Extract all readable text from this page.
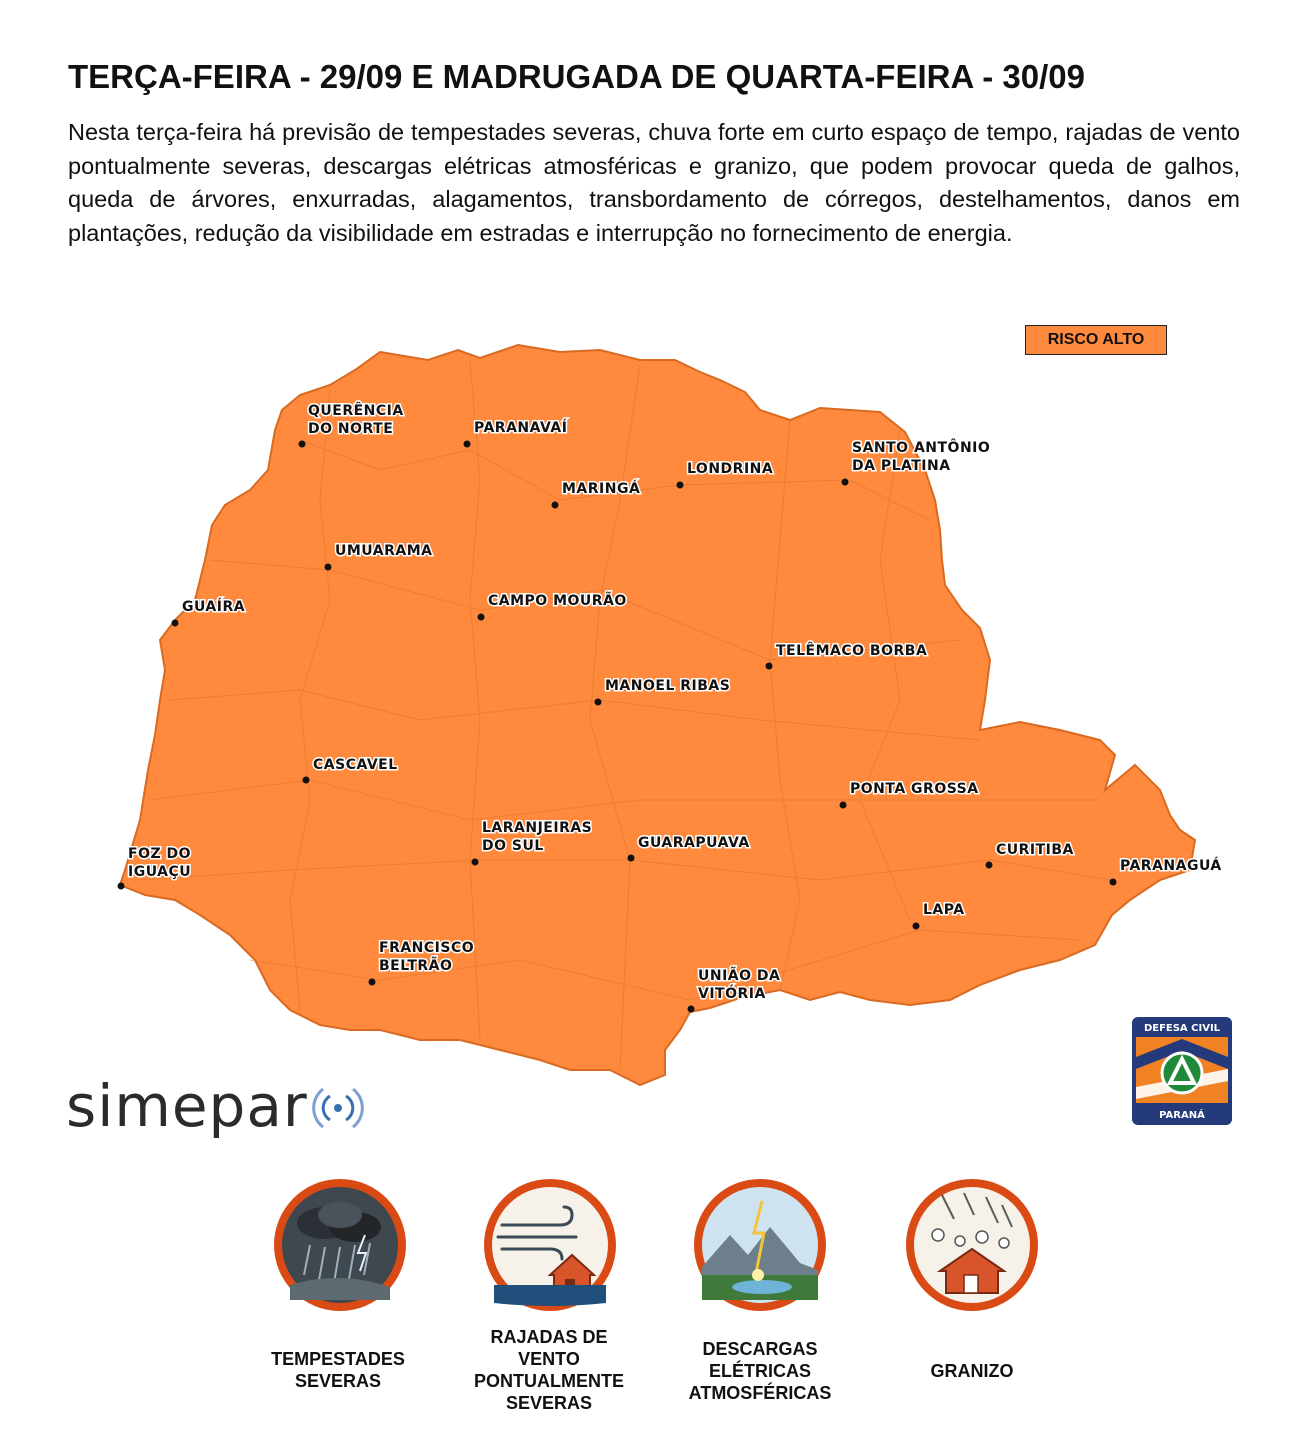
TERÇA-FEIRA - 29/09 E MADRUGADA DE QUARTA-FEIRA - 30/09

Nesta terça-feira há previsão de tempestades severas, chuva forte em curto espaço de tempo, rajadas de vento pontualmente severas, descargas elétricas atmosféricas e granizo, que podem provocar queda de galhos, queda de árvores, enxurradas, alagamentos, transbordamento de córregos, destelhamentos, danos em plantações, redução da visibilidade em estradas e interrupção no fornecimento de energia.

RISCO ALTO
QUERÊNCIA
DO NORTE	PARANAVAÍ
LONDRINA
SANTO ANTÔNIO
DA PLATINA
MARINGÁ
UMUARAMA
GUAÍRA	CAMPO MOURÃO
TELÊMACO BORBA
MANOEL RIBAS
CASCAVEL
PONTA GROSSA
LARANJEIRAS
DO SUL	GUARAPUAVA	CURITIBA
FOZ DO
IGUAÇU	PARANAGUÁ
LAPA
FRANCISCO
BELTRÃO
UNIÃO DA
VITÓRIA
simepar
DEFESA CIVIL
PARANÁ
TEMPESTADES
SEVERAS
RAJADAS DE
VENTO
PONTUALMENTE
SEVERAS
DESCARGAS
ELÉTRICAS
ATMOSFÉRICAS
GRANIZO
